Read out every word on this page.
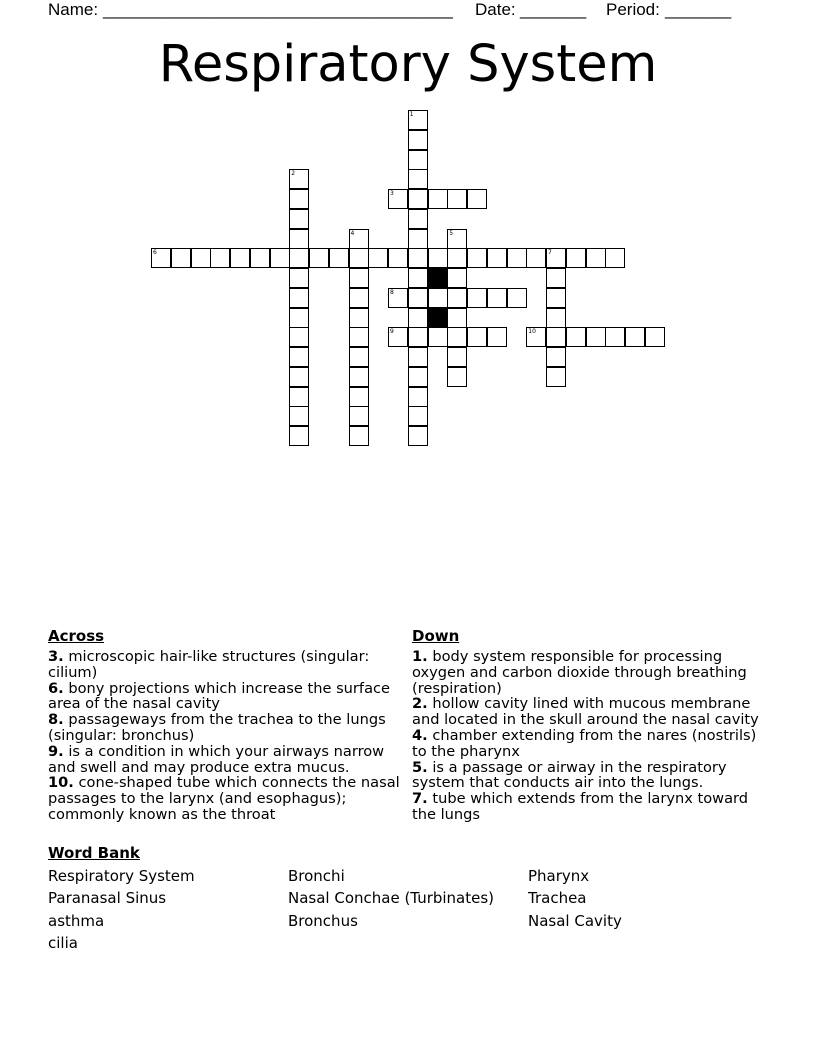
Name: _____________________________________ Date: _______ Period: _______
Respiratory System
1
2
4	5
7
3
6
8
9	10
Across

3. microscopic hair-like structures (singular: cilium)

6. bony projections which increase the surface area of the nasal cavity

8. passageways from the trachea to the lungs (singular: bronchus)

9. is a condition in which your airways narrow and swell and may produce extra mucus.

10. cone-shaped tube which connects the nasal passages to the larynx (and esophagus); commonly known as the throat

Down

1. body system responsible for processing oxygen and carbon dioxide through breathing (respiration)

2. hollow cavity lined with mucous membrane and located in the skull around the nasal cavity

4. chamber extending from the nares (nostrils) to the pharynx

5. is a passage or airway in the respiratory system that conducts air into the lungs.

7. tube which extends from the larynx toward the lungs

Word Bank
Respiratory System	Bronchi	Pharynx
Paranasal Sinus	Nasal Conchae (Turbinates) Trachea
asthma	Bronchus	Nasal Cavity
cilia
